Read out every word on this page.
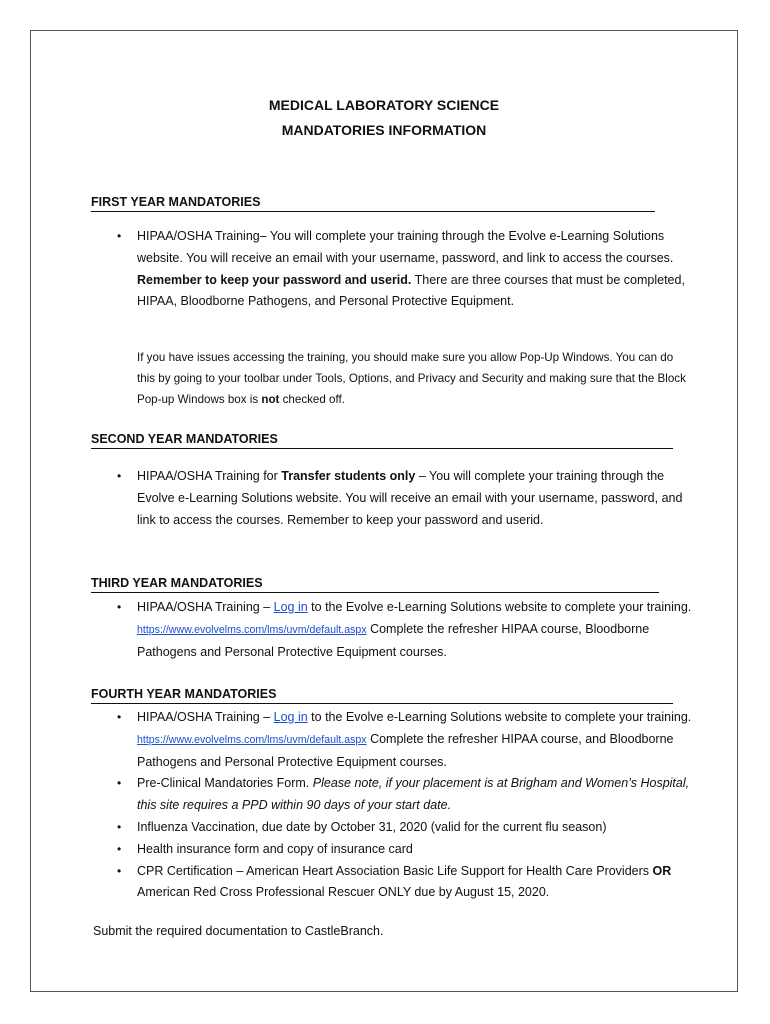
MEDICAL LABORATORY SCIENCE
MANDATORIES INFORMATION
FIRST YEAR MANDATORIES
• HIPAA/OSHA Training– You will complete your training through the Evolve e-Learning Solutions website. You will receive an email with your username, password, and link to access the courses. Remember to keep your password and userid. There are three courses that must be completed, HIPAA, Bloodborne Pathogens, and Personal Protective Equipment.
If you have issues accessing the training, you should make sure you allow Pop-Up Windows. You can do this by going to your toolbar under Tools, Options, and Privacy and Security and making sure that the Block Pop-up Windows box is not checked off.
SECOND YEAR MANDATORIES
• HIPAA/OSHA Training for Transfer students only – You will complete your training through the Evolve e-Learning Solutions website. You will receive an email with your username, password, and link to access the courses. Remember to keep your password and userid.
THIRD YEAR MANDATORIES
• HIPAA/OSHA Training – Log in to the Evolve e-Learning Solutions website to complete your training. https://www.evolvelms.com/lms/uvm/default.aspx Complete the refresher HIPAA course, Bloodborne Pathogens and Personal Protective Equipment courses.
FOURTH YEAR MANDATORIES
• HIPAA/OSHA Training – Log in to the Evolve e-Learning Solutions website to complete your training. https://www.evolvelms.com/lms/uvm/default.aspx Complete the refresher HIPAA course, and Bloodborne Pathogens and Personal Protective Equipment courses.
• Pre-Clinical Mandatories Form. Please note, if your placement is at Brigham and Women’s Hospital, this site requires a PPD within 90 days of your start date.
• Influenza Vaccination, due date by October 31, 2020 (valid for the current flu season)
• Health insurance form and copy of insurance card
• CPR Certification – American Heart Association Basic Life Support for Health Care Providers OR American Red Cross Professional Rescuer ONLY due by August 15, 2020.
Submit the required documentation to CastleBranch.
